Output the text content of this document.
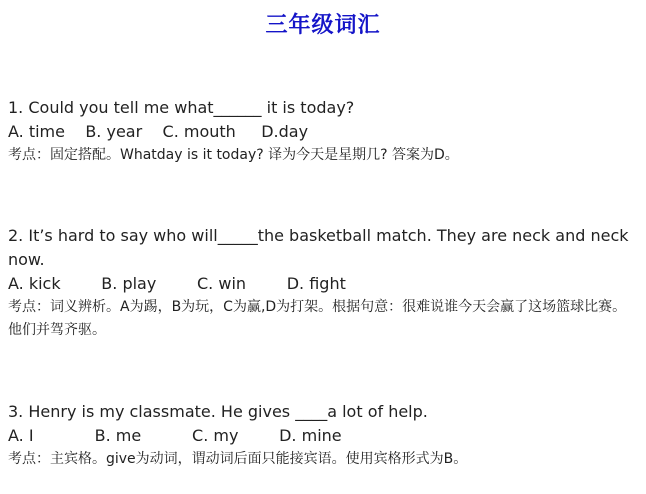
三年级词汇
1. Could you tell me what______ it is today?
A. time    B. year    C. mouth     D.day
考点：固定搭配。Whatday is it today? 译为今天是星期几? 答案为D。
2. It’s hard to say who will_____the basketball match. They are neck and neck now.
A. kick        B. play        C. win        D. fight
考点：词义辨析。A为踢，B为玩，C为赢,D为打架。根据句意：很难说谁今天会赢了这场篮球比赛。他们并驾齐驱。
3. Henry is my classmate. He gives ____a lot of help.
A. I            B. me          C. my        D. mine
考点：主宾格。give为动词，谓动词后面只能接宾语。使用宾格形式为B。
